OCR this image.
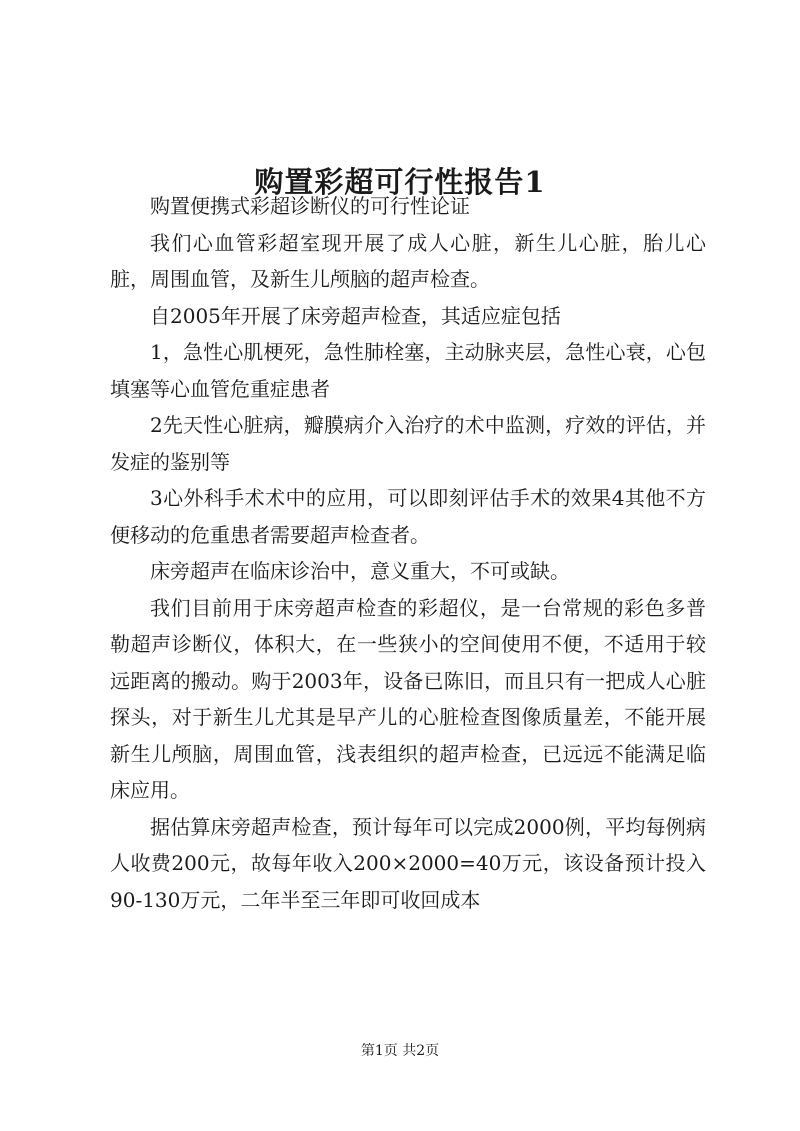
购置彩超可行性报告1

购置便携式彩超诊断仪的可行性论证

我们心血管彩超室现开展了成人心脏，新生儿心脏，胎儿心脏，周围血管，及新生儿颅脑的超声检查。

自2005年开展了床旁超声检查，其适应症包括

1，急性心肌梗死，急性肺栓塞，主动脉夹层，急性心衰，心包填塞等心血管危重症患者

2先天性心脏病，瓣膜病介入治疗的术中监测，疗效的评估，并发症的鉴别等

3心外科手术术中的应用，可以即刻评估手术的效果4其他不方便移动的危重患者需要超声检查者。

床旁超声在临床诊治中，意义重大，不可或缺。

我们目前用于床旁超声检查的彩超仪，是一台常规的彩色多普勒超声诊断仪，体积大，在一些狭小的空间使用不便，不适用于较远距离的搬动。购于2003年，设备已陈旧，而且只有一把成人心脏探头，对于新生儿尤其是早产儿的心脏检查图像质量差，不能开展新生儿颅脑，周围血管，浅表组织的超声检查，已远远不能满足临床应用。

据估算床旁超声检查，预计每年可以完成2000例，平均每例病人收费200元，故每年收入200×2000=40万元，该设备预计投入90-130万元，二年半至三年即可收回成本

第1页 共2页
